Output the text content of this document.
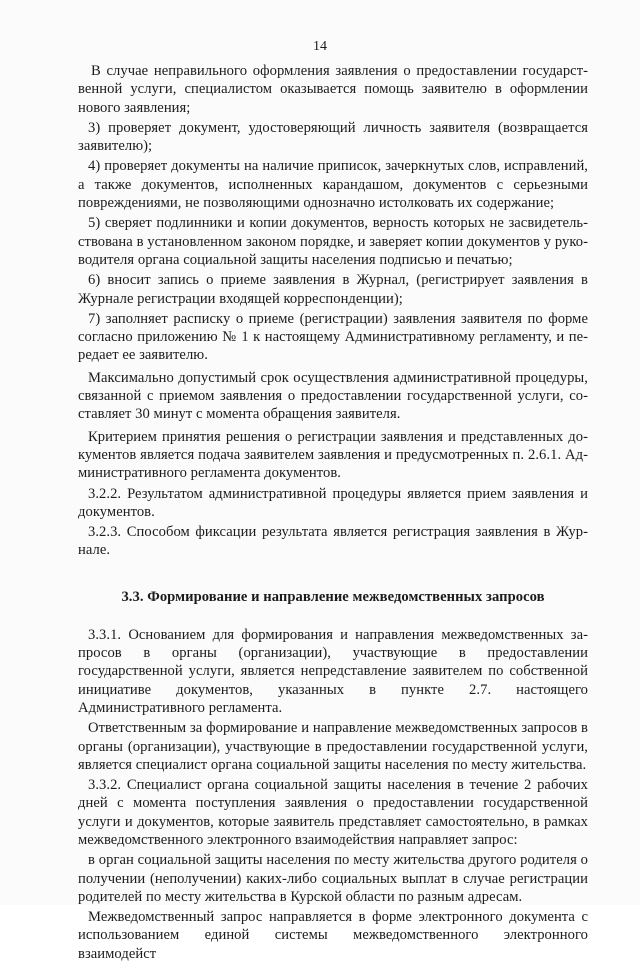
14

В случае неправильного оформления заявления о предоставлении государственной услуги, специалистом оказывается помощь заявителю в оформлении нового заявления;

3) проверяет документ, удостоверяющий личность заявителя (возвращается заявителю);

4) проверяет документы на наличие приписок, зачеркнутых слов, исправлений, а также документов, исполненных карандашом, документов с серьезными повреждениями, не позволяющими однозначно истолковать их содержание;

5) сверяет подлинники и копии документов, верность которых не засвидетельствована в установленном законом порядке, и заверяет копии документов у руководителя органа социальной защиты населения подписью и печатью;

6) вносит запись о приеме заявления в Журнал, (регистрирует заявления в Журнале регистрации входящей корреспонденции);

7) заполняет расписку о приеме (регистрации) заявления заявителя по форме согласно приложению № 1 к настоящему Административному регламенту, и передает ее заявителю.

Максимально допустимый срок осуществления административной процедуры, связанной с приемом заявления о предоставлении государственной услуги, составляет 30 минут с момента обращения заявителя.

Критерием принятия решения о регистрации заявления и представленных документов является подача заявителем заявления и предусмотренных п. 2.6.1. Административного регламента документов.

3.2.2. Результатом административной процедуры является прием заявления и документов.

3.2.3. Способом фиксации результата является регистрация заявления в Журнале.

3.3. Формирование и направление межведомственных запросов

3.3.1. Основанием для формирования и направления межведомственных запросов в органы (организации), участвующие в предоставлении государственной услуги, является непредставление заявителем по собственной инициативе документов, указанных в пункте 2.7. настоящего Административного регламента.

Ответственным за формирование и направление межведомственных запросов в органы (организации), участвующие в предоставлении государственной услуги, является специалист органа социальной защиты населения по месту жительства.

3.3.2. Специалист органа социальной защиты населения в течение 2 рабочих дней с момента поступления заявления о предоставлении государственной услуги и документов, которые заявитель представляет самостоятельно, в рамках межведомственного электронного взаимодействия направляет запрос:

в орган социальной защиты населения по месту жительства другого родителя о получении (неполучении) каких-либо социальных выплат в случае регистрации родителей по месту жительства в Курской области по разным адресам.

Межведомственный запрос направляется в форме электронного документа с использованием единой системы межведомственного электронного взаимодейст
